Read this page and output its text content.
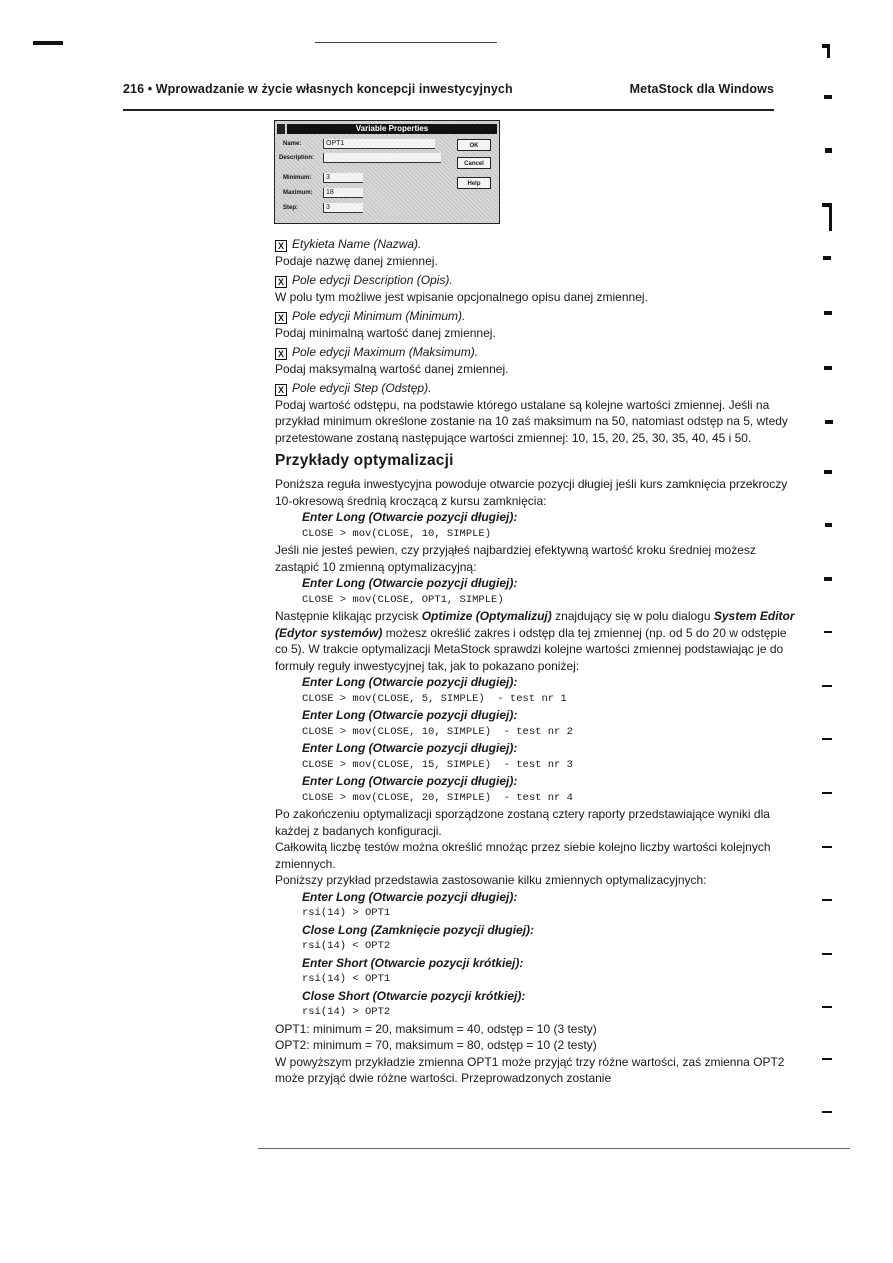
216 • Wprowadzanie w życie własnych koncepcji inwestycyjnych	MetaStock dla Windows
Variable Properties
Name:	OPT1
Description:
Minimum:	3
Maximum:	18
Step:	3
OK
Cancel
Help

X Etykieta Name (Nazwa).

Podaje nazwę danej zmiennej.

X Pole edycji Description (Opis).

W polu tym możliwe jest wpisanie opcjonalnego opisu danej zmiennej.

X Pole edycji Minimum (Minimum).

Podaj minimalną wartość danej zmiennej.

X Pole edycji Maximum (Maksimum).

Podaj maksymalną wartość danej zmiennej.

X Pole edycji Step (Odstęp).

Podaj wartość odstępu, na podstawie którego ustalane są kolejne wartości zmiennej. Jeśli na przykład minimum określone zostanie na 10 zaś maksimum na 50, natomiast odstęp na 5, wtedy przetestowane zostaną następujące wartości zmiennej: 10, 15, 20, 25, 30, 35, 40, 45 i 50.

Przykłady optymalizacji

Poniższa reguła inwestycyjna powoduje otwarcie pozycji długiej jeśli kurs zamknięcia przekroczy 10-okresową średnią kroczącą z kursu zamknięcia:

Enter Long (Otwarcie pozycji długiej):

CLOSE > mov(CLOSE, 10, SIMPLE)

Jeśli nie jesteś pewien, czy przyjąłeś najbardziej efektywną wartość kroku średniej możesz zastąpić 10 zmienną optymalizacyjną:

Enter Long (Otwarcie pozycji długiej):

CLOSE > mov(CLOSE, OPT1, SIMPLE)

Następnie klikając przycisk Optimize (Optymalizuj) znajdujący się w polu dialogu System Editor (Edytor systemów) możesz określić zakres i odstęp dla tej zmiennej (np. od 5 do 20 w odstępie co 5). W trakcie optymalizacji MetaStock sprawdzi kolejne wartości zmiennej podstawiając je do formuły reguły inwestycyjnej tak, jak to pokazano poniżej:

Enter Long (Otwarcie pozycji długiej):

CLOSE > mov(CLOSE, 5, SIMPLE)  - test nr 1

Enter Long (Otwarcie pozycji długiej):

CLOSE > mov(CLOSE, 10, SIMPLE)  - test nr 2

Enter Long (Otwarcie pozycji długiej):

CLOSE > mov(CLOSE, 15, SIMPLE)  - test nr 3

Enter Long (Otwarcie pozycji długiej):

CLOSE > mov(CLOSE, 20, SIMPLE)  - test nr 4

Po zakończeniu optymalizacji sporządzone zostaną cztery raporty przedstawiające wyniki dla każdej z badanych konfiguracji.

Całkowitą liczbę testów można określić mnożąc przez siebie kolejno liczby wartości kolejnych zmiennych.

Poniższy przykład przedstawia zastosowanie kilku zmiennych optymalizacyjnych:

Enter Long (Otwarcie pozycji długiej):

rsi(14) > OPT1

Close Long (Zamknięcie pozycji długiej):

rsi(14) < OPT2

Enter Short (Otwarcie pozycji krótkiej):

rsi(14) < OPT1

Close Short (Otwarcie pozycji krótkiej):

rsi(14) > OPT2

OPT1: minimum = 20, maksimum = 40, odstęp = 10 (3 testy)

OPT2: minimum = 70, maksimum = 80, odstęp = 10 (2 testy)

W powyższym przykładzie zmienna OPT1 może przyjąć trzy różne wartości, zaś zmienna OPT2 może przyjąć dwie różne wartości. Przeprowadzonych zostanie
